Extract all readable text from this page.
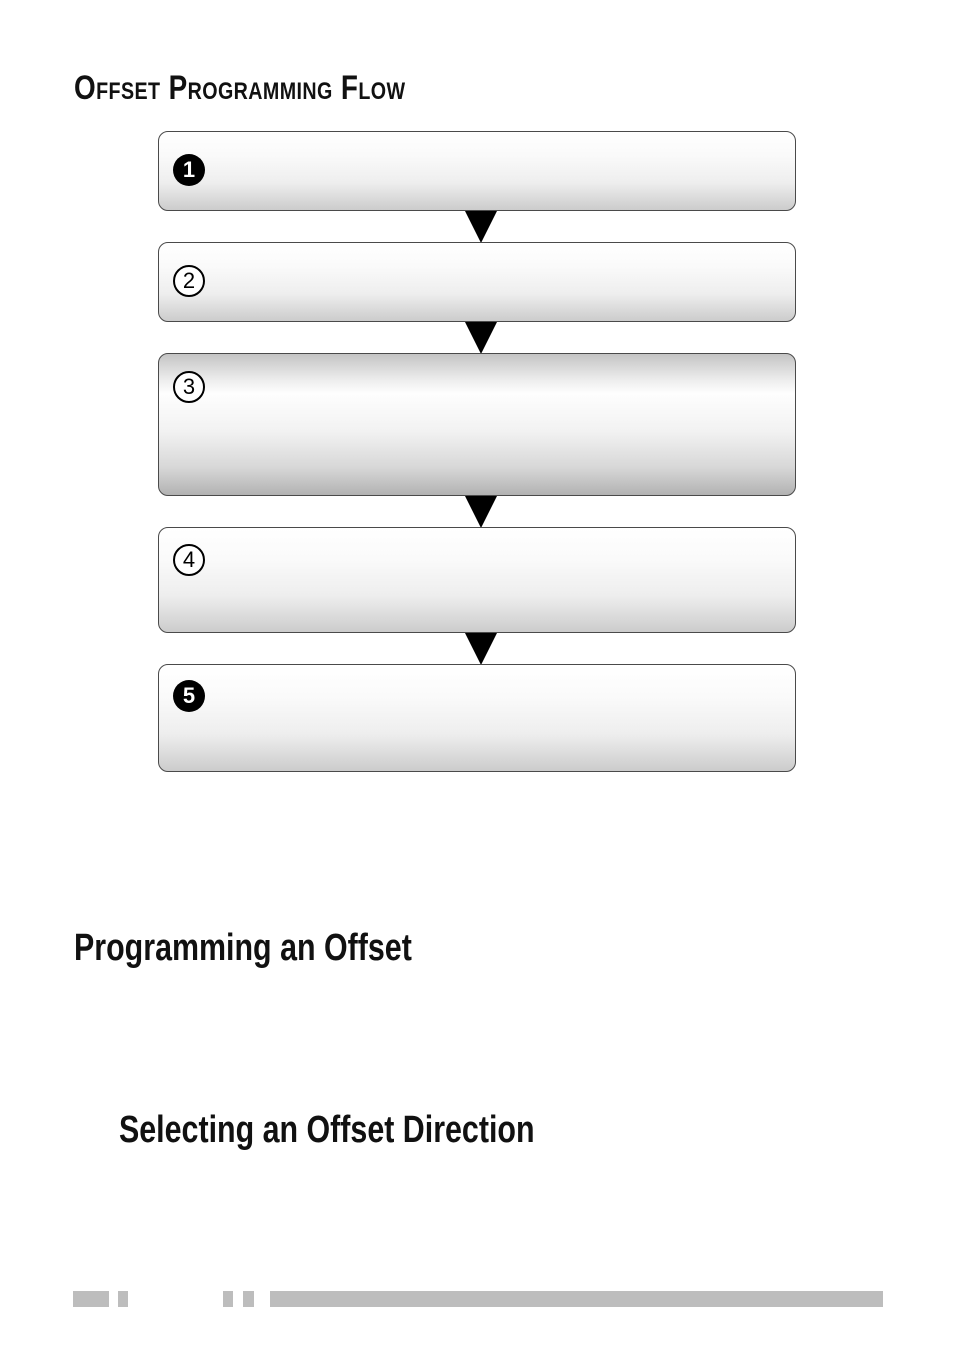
Offset Programming Flow
1
2
3
4
5
Programming an Offset
Selecting an Offset Direction
